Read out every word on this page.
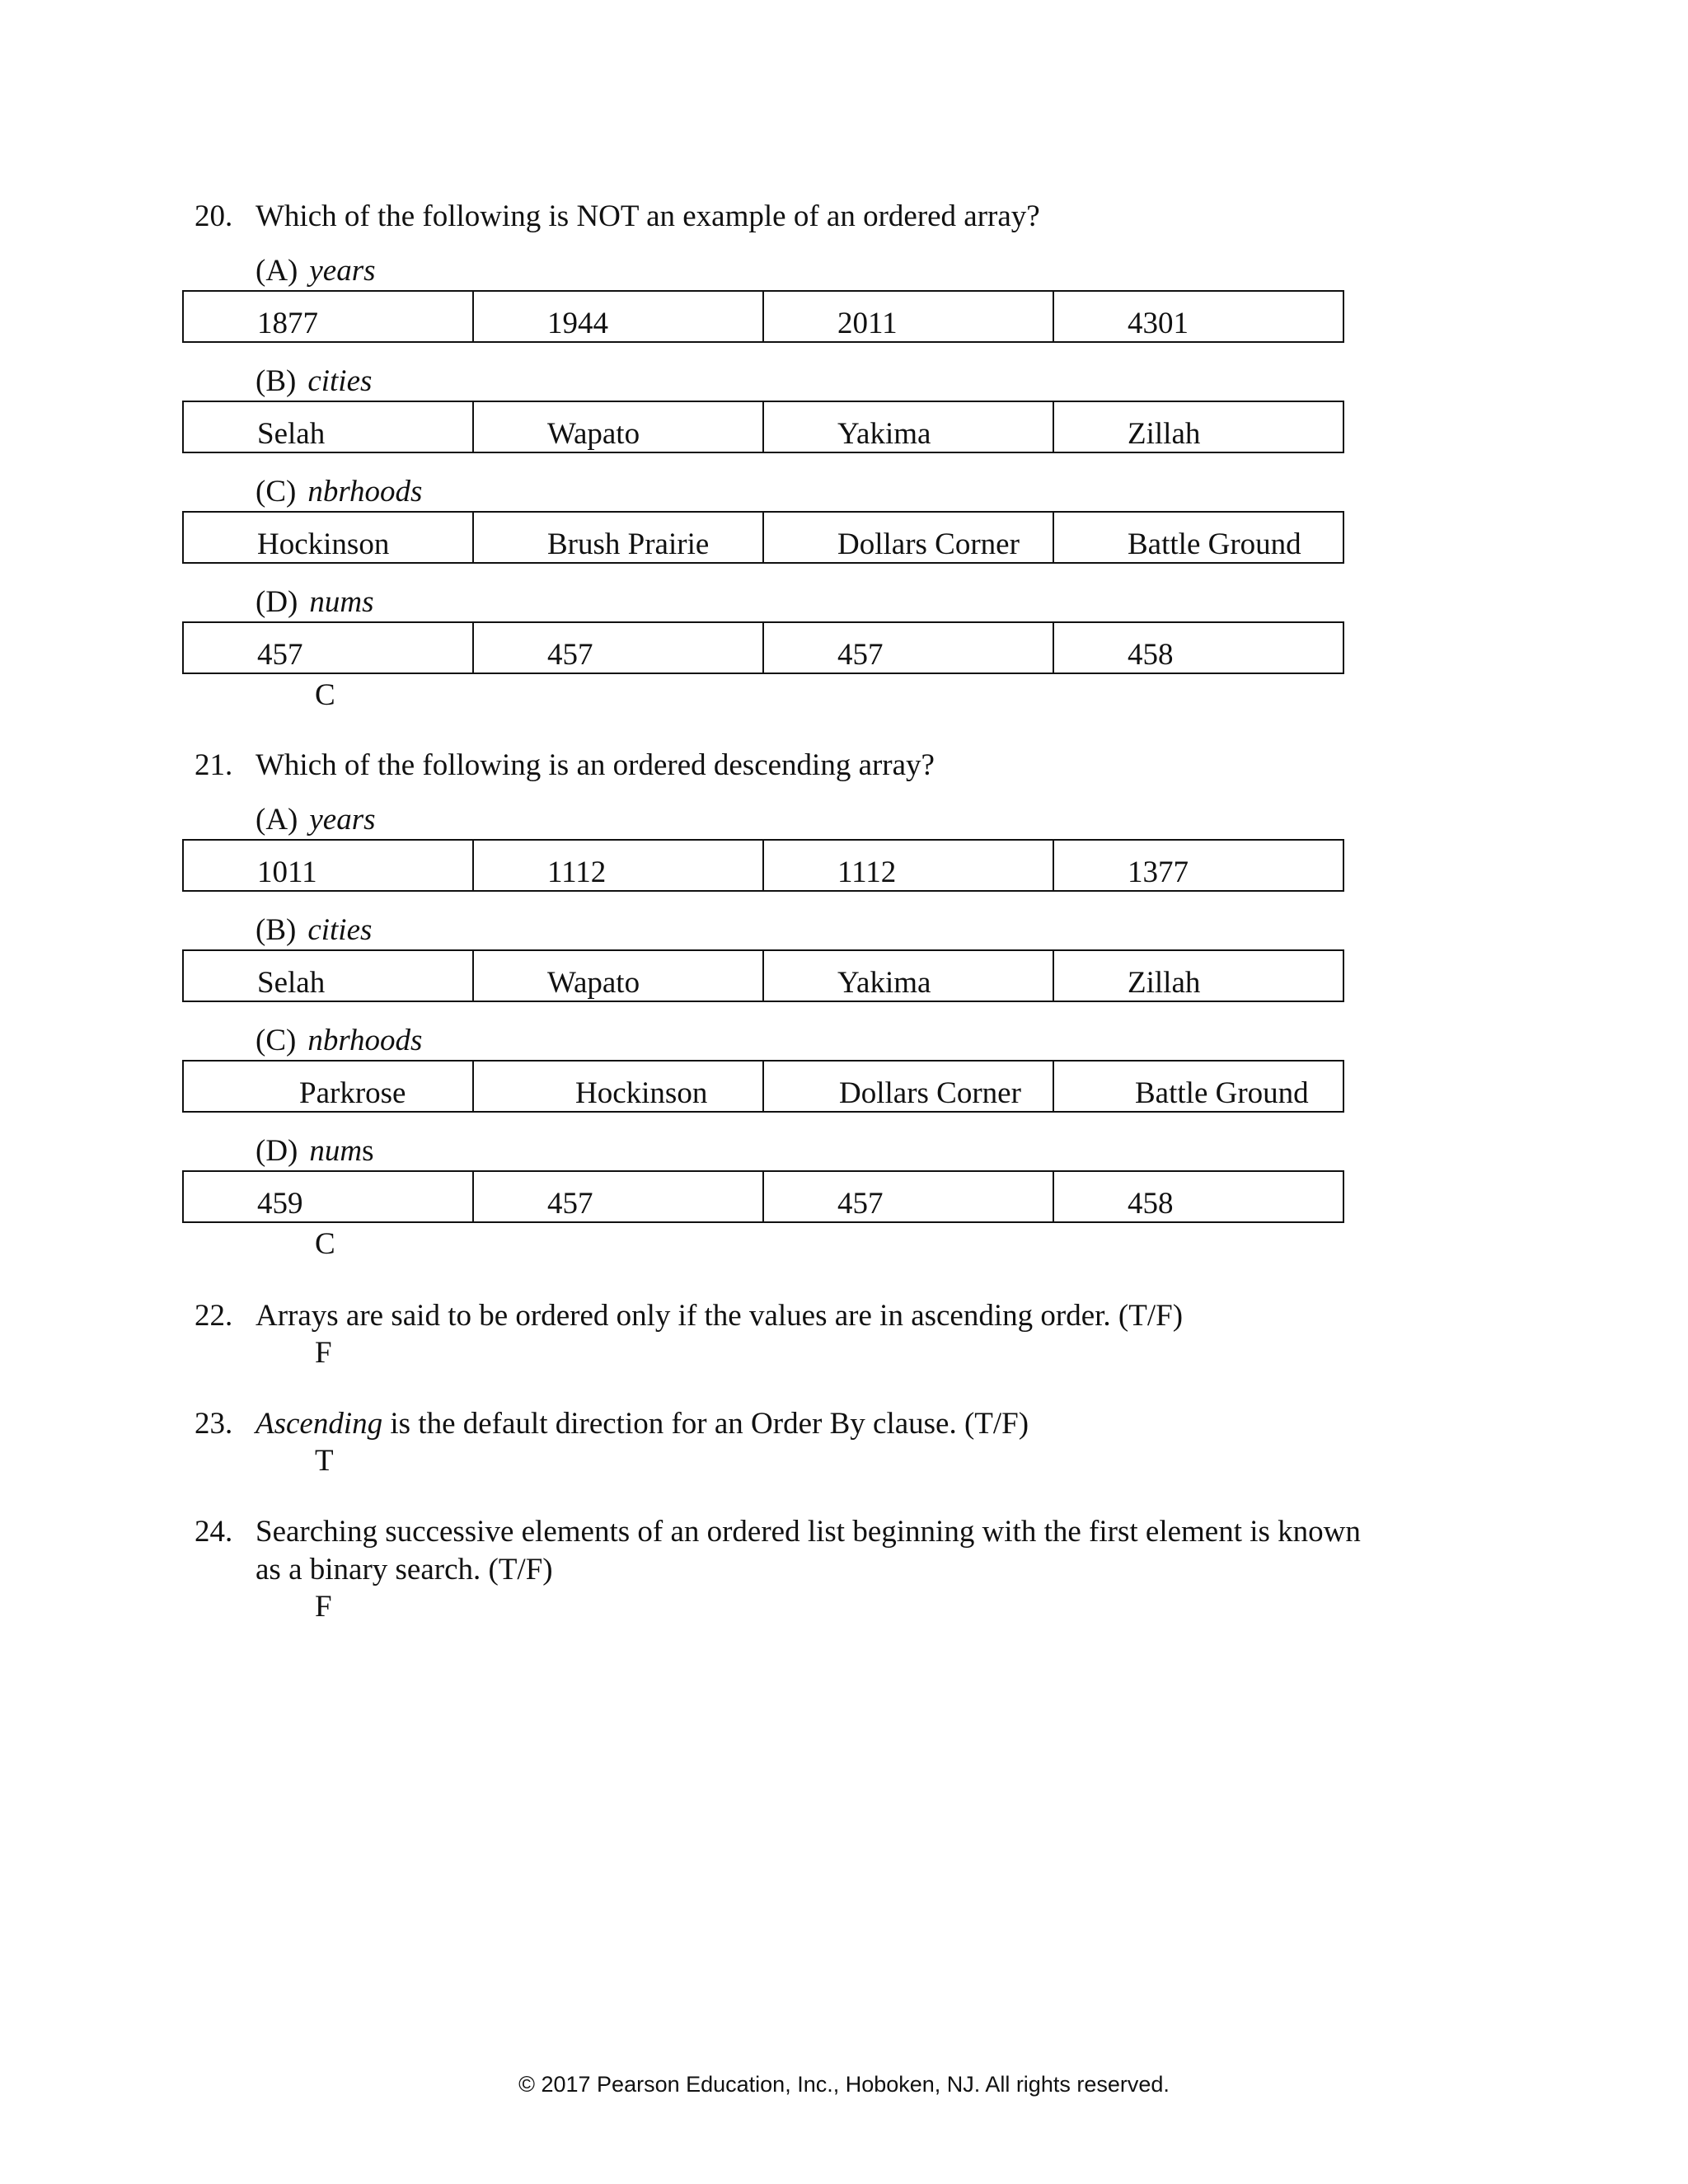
20. Which of the following is NOT an example of an ordered array?
(A) years
1877	1944	2011	4301
(B) cities
Selah	Wapato	Yakima	Zillah
(C) nbrhoods
Hockinson	Brush Prairie	Dollars Corner	Battle Ground
(D) nums
457	457	457	458
C
21. Which of the following is an ordered descending array?
(A) years
1011	1112	1112	1377
(B) cities
Selah	Wapato	Yakima	Zillah
(C) nbrhoods
Parkrose	Hockinson	Dollars Corner	Battle Ground
(D) nums
459	457	457	458
C
22. Arrays are said to be ordered only if the values are in ascending order. (T/F)
F
23. Ascending is the default direction for an Order By clause. (T/F)
T
24. Searching successive elements of an ordered list beginning with the first element is known
as a binary search. (T/F)
F
© 2017 Pearson Education, Inc., Hoboken, NJ. All rights reserved.
